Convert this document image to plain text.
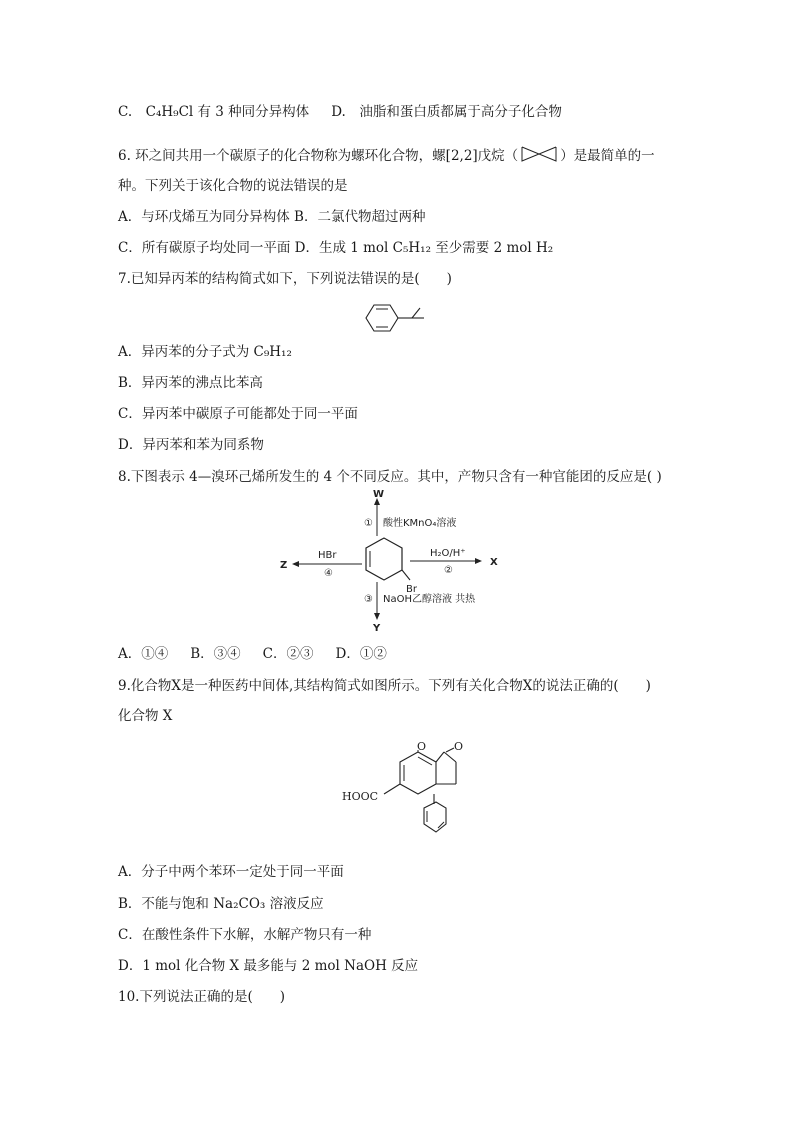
C.　C₄H₉Cl 有 3 种同分异构体 D.　油脂和蛋白质都属于高分子化合物
6. 环之间共用一个碳原子的化合物称为螺环化合物，螺[2,2]戊烷（	）是最简单的一
种。下列关于该化合物的说法错误的是
A．与环戊烯互为同分异构体 B．二氯代物超过两种
C．所有碳原子均处同一平面 D．生成 1 mol C₅H₁₂ 至少需要 2 mol H₂
7.已知异丙苯的结构简式如下，下列说法错误的是(　　)
A．异丙苯的分子式为 C₉H₁₂
B．异丙苯的沸点比苯高
C．异丙苯中碳原子可能都处于同一平面
D．异丙苯和苯为同系物
8.下图表示 4—溴环己烯所发生的 4 个不同反应。其中，产物只含有一种官能团的反应是( )
Br
W
① 酸性KMnO₄溶液
X
H₂O/H⁺
②
Z
HBr
④
Y
③ NaOH乙醇溶液 共热
A．①④ B．③④ C．②③ D．①②
9.化合物X是一种医药中间体,其结构简式如图所示。下列有关化合物X的说法正确的(　　)
化合物 X
O	O
HOOC
A．分子中两个苯环一定处于同一平面
B．不能与饱和 Na₂CO₃ 溶液反应
C．在酸性条件下水解，水解产物只有一种
D．1 mol 化合物 X 最多能与 2 mol NaOH 反应
10.下列说法正确的是(　　)
